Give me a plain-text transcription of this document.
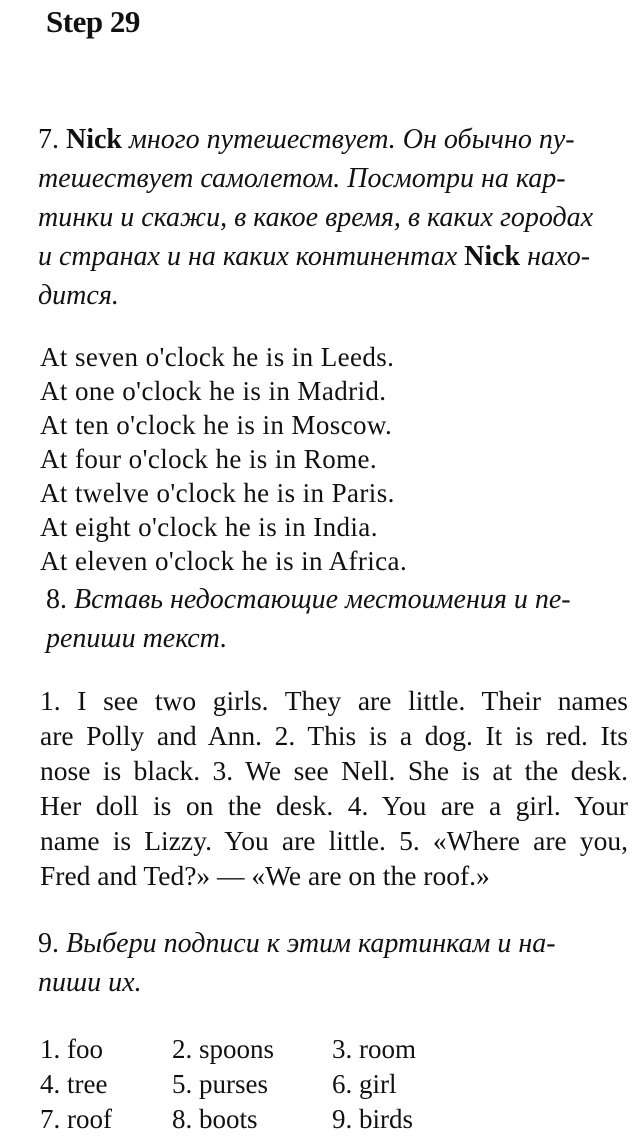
Step 29
7. Nick много путешествует. Он обычно пу-
тешествует самолетом. Посмотри на кар-
тинки и скажи, в какое время, в каких городах
и странах и на каких континентах Nick нахо-
дится.
At seven o'clock he is in Leeds.
At one o'clock he is in Madrid.
At ten o'clock he is in Moscow.
At four o'clock he is in Rome.
At twelve o'clock he is in Paris.
At eight o'clock he is in India.
At eleven o'clock he is in Africa.
8. Вставь недостающие местоимения и пе-
репиши текст.
1. I see two girls. They are little. Their names
are Polly and Ann. 2. This is a dog. It is red. Its
nose is black. 3. We see Nell. She is at the desk.
Her doll is on the desk. 4. You are a girl. Your
name is Lizzy. You are little. 5. «Where are you,
Fred and Ted?» — «We are on the roof.»
9. Выбери подписи к этим картинкам и на-
пиши их.
1. foo	2. spoons	3. room
4. tree	5. purses	6. girl
7. roof	8. boots	9. birds
